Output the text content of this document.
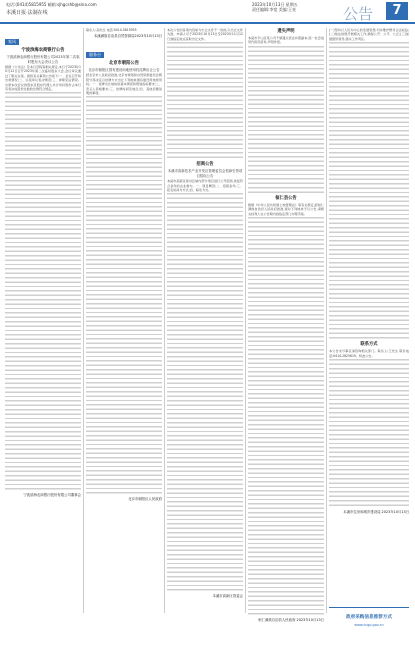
电话:(0414)5815955 邮箱:sjhgcshb@sina.com
本溪日报·法制在线
2023年10月13日 星期五
责任编辑:李宽 美编:王亮	公告	7
家风
宁波滨海农商银行公告
宁波滨海农商银行股份有限公司2023年第二次临时股东大会决议公告
根据《公司法》及本行章程等相关规定,本行于2023年10月12日召开2023年第二次临时股东大会,会议审议通过了相关议案。现将有关事项公告如下:一、会议召开和出席情况;二、议案审议表决情况;三、律师见证情况。出席本次会议的股东及股东代理人共计所持股份占本行有表决权股份总数的比例符合规定。
宁波滨海农商银行股份有限公司董事会
联系人:高先生 电话:0414-5815955
本溪满族自治县自然资源局2023年10月13日
服务台
北京市朝阳公告
北京市朝阳区国有建设用地使用权挂牌出让公告
经北京市人民政府批准,北京市规划和自然资源委员会朝阳分局决定以挂牌方式出让下列地块国有建设用地使用权。一、挂牌出让地块的基本情况和规划指标要求;二、竞买人资格要求;三、挂牌时间及地点;四、其他需要说明的事项。
北京市朝阳区人民政府
本次公告的各项内容如与出让文件不一致的,以出让文件为准。申请人可于2023年10月13日至2023年11月12日到指定地点获取出让文件。
招商公告
本溪市高新技术产业开发区管理委员会招商引资项目招标公告
本溪市高新区拟对区域内部分项目进行公开招商,欢迎符合条件的企业参与。一、项目概况;二、招商条件;三、报名时间与方式;四、联系方式。
本溪市高新区管委会
遗失声明
本溪市平山区某公司不慎遗失营业执照副本,统一社会信用代码见原件,声明作废。
桓仁县公告
根据《中华人民共和国土地管理法》等有关规定,经桓仁满族自治县人民政府批准,现对下列地块予以公告,请相关权利人在公告期内到指定部门办理手续。
桓仁满族自治县人民政府 2023年10月13日
(一)坚持以人民为中心的发展思想,切实维护群众合法权益;(二)依法依规开展相关工作,确保公开、公平、公正;(三)加强组织领导,落实工作责任。
联系方式
本公告未尽事宜请咨询相关部门。联系人:王先生 联系电话:0414-2825619。特此公告。
本溪市住房和城乡建设局 2023年10月13日
政府采购信息推荐方式
www.ccgp.gov.cn
